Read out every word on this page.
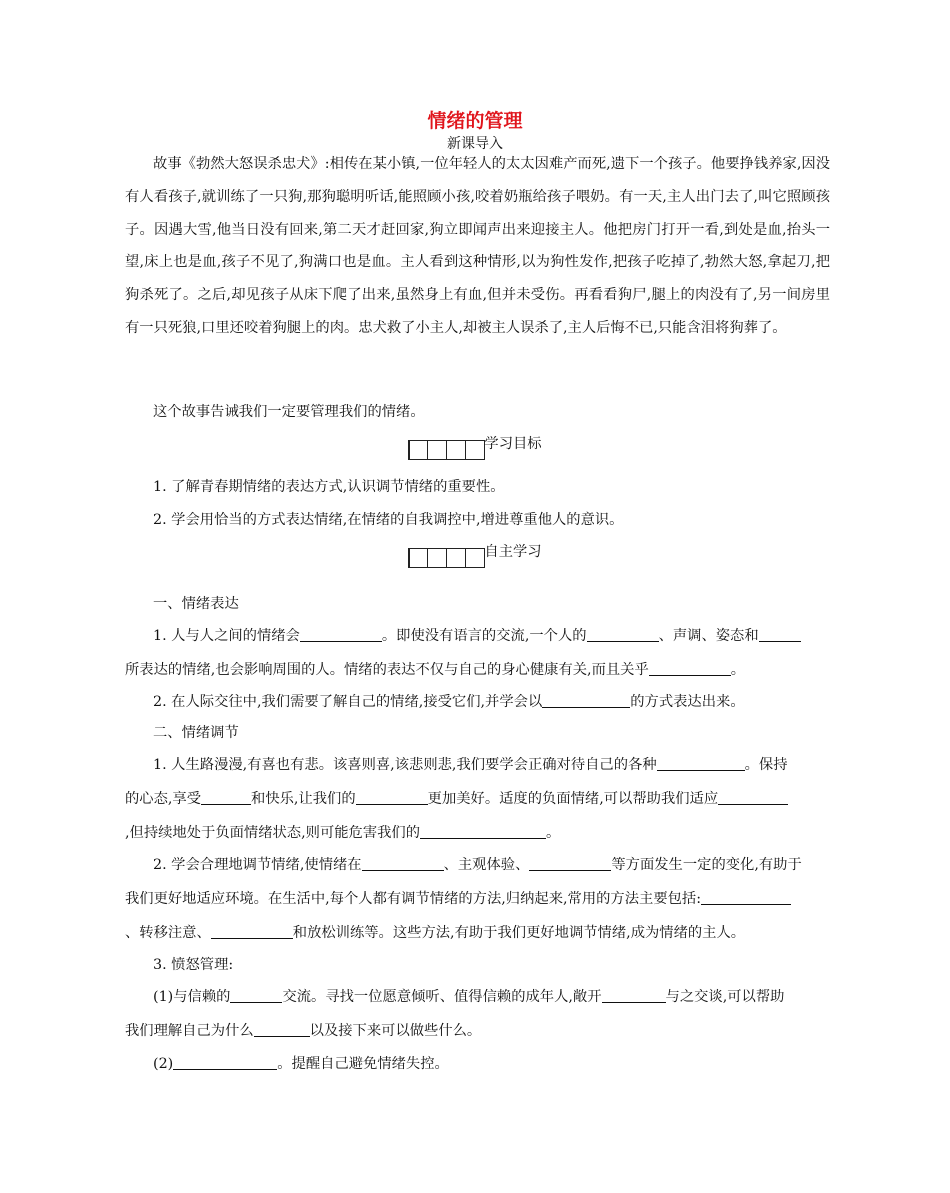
情绪的管理
新课导入
故事《勃然大怒误杀忠犬》:相传在某小镇,一位年轻人的太太因难产而死,遗下一个孩子。他要挣钱养家,因没有人看孩子,就训练了一只狗,那狗聪明听话,能照顾小孩,咬着奶瓶给孩子喂奶。有一天,主人出门去了,叫它照顾孩子。因遇大雪,他当日没有回来,第二天才赶回家,狗立即闻声出来迎接主人。他把房门打开一看,到处是血,抬头一望,床上也是血,孩子不见了,狗满口也是血。主人看到这种情形,以为狗性发作,把孩子吃掉了,勃然大怒,拿起刀,把狗杀死了。之后,却见孩子从床下爬了出来,虽然身上有血,但并未受伤。再看看狗尸,腿上的肉没有了,另一间房里有一只死狼,口里还咬着狗腿上的肉。忠犬救了小主人,却被主人误杀了,主人后悔不已,只能含泪将狗葬了。
这个故事告诫我们一定要管理我们的情绪。
学习目标
1. 了解青春期情绪的表达方式,认识调节情绪的重要性。
2. 学会用恰当的方式表达情绪,在情绪的自我调控中,增进尊重他人的意识。
自主学习
一、情绪表达
1. 人与人之间的情绪会	。即使没有语言的交流,一个人的	、声调、姿态和
所表达的情绪,也会影响周围的人。情绪的表达不仅与自己的身心健康有关,而且关乎	。
2. 在人际交往中,我们需要了解自己的情绪,接受它们,并学会以	的方式表达出来。
二、情绪调节
1. 人生路漫漫,有喜也有悲。该喜则喜,该悲则悲,我们要学会正确对待自己的各种	。保持
的心态,享受	和快乐,让我们的	更加美好。适度的负面情绪,可以帮助我们适应
,但持续地处于负面情绪状态,则可能危害我们的	。
2. 学会合理地调节情绪,使情绪在	、主观体验、	等方面发生一定的变化,有助于
我们更好地适应环境。在生活中,每个人都有调节情绪的方法,归纳起来,常用的方法主要包括:
、转移注意、	和放松训练等。这些方法,有助于我们更好地调节情绪,成为情绪的主人。
3. 愤怒管理:
(1)与信赖的	交流。寻找一位愿意倾听、值得信赖的成年人,敞开	与之交谈,可以帮助
我们理解自己为什么	以及接下来可以做些什么。
(2)	。提醒自己避免情绪失控。
